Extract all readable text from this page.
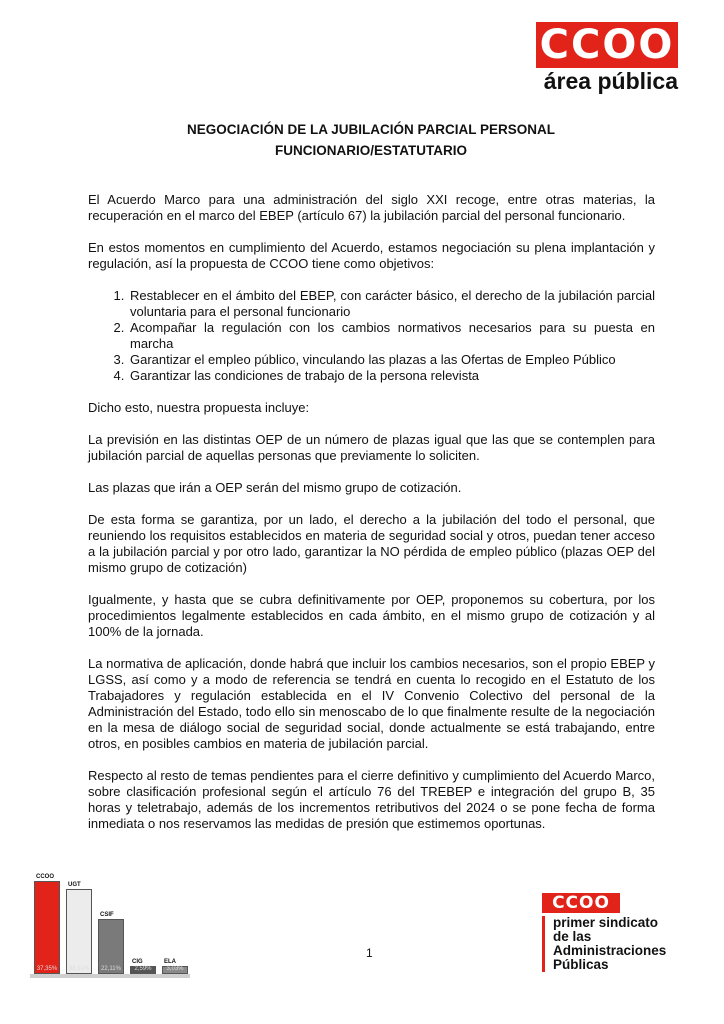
CCOO
área pública
NEGOCIACIÓN DE LA JUBILACIÓN PARCIAL PERSONAL
FUNCIONARIO/ESTATUTARIO

El Acuerdo Marco para una administración del siglo XXI recoge, entre otras materias, la recuperación en el marco del EBEP (artículo 67) la jubilación parcial del personal funcionario.

En estos momentos en cumplimiento del Acuerdo, estamos negociación su plena implantación y regulación, así la propuesta de CCOO tiene como objetivos:

1. Restablecer en el ámbito del EBEP, con carácter básico, el derecho de la jubilación parcial voluntaria para el personal funcionario
2. Acompañar la regulación con los cambios normativos necesarios para su puesta en marcha
3. Garantizar el empleo público, vinculando las plazas a las Ofertas de Empleo Público
4. Garantizar las condiciones de trabajo de la persona relevista

Dicho esto, nuestra propuesta incluye:

La previsión en las distintas OEP de un número de plazas igual que las que se contemplen para jubilación parcial de aquellas personas que previamente lo soliciten.

Las plazas que irán a OEP serán del mismo grupo de cotización.

De esta forma se garantiza, por un lado, el derecho a la jubilación del todo el personal, que reuniendo los requisitos establecidos en materia de seguridad social y otros, puedan tener acceso a la jubilación parcial y por otro lado, garantizar la NO pérdida de empleo público (plazas OEP del mismo grupo de cotización)

Igualmente, y hasta que se cubra definitivamente por OEP, proponemos su cobertura, por los procedimientos legalmente establecidos en cada ámbito, en el mismo grupo de cotización y al 100% de la jornada.

La normativa de aplicación, donde habrá que incluir los cambios necesarios, son el propio EBEP y LGSS, así como y a modo de referencia se tendrá en cuenta lo recogido en el Estatuto de los Trabajadores y regulación establecida en el IV Convenio Colectivo del personal de la Administración del Estado, todo ello sin menoscabo de lo que finalmente resulte de la negociación en la mesa de diálogo social de seguridad social, donde actualmente se está trabajando, entre otros, en posibles cambios en materia de jubilación parcial.

Respecto al resto de temas pendientes para el cierre definitivo y cumplimiento del Acuerdo Marco, sobre clasificación profesional según el artículo 76 del TREBEP e integración del grupo B, 35 horas y teletrabajo, además de los incrementos retributivos del 2024 o se pone fecha de forma inmediata o nos reservamos las medidas de presión que estimemos oportunas.

CCOO
37,35%
UGT
33,91%
CSIF
22,11%
CIG
2,59%
ELA
3,03%
1
CCOO
primer sindicato
de las
Administraciones
Públicas
